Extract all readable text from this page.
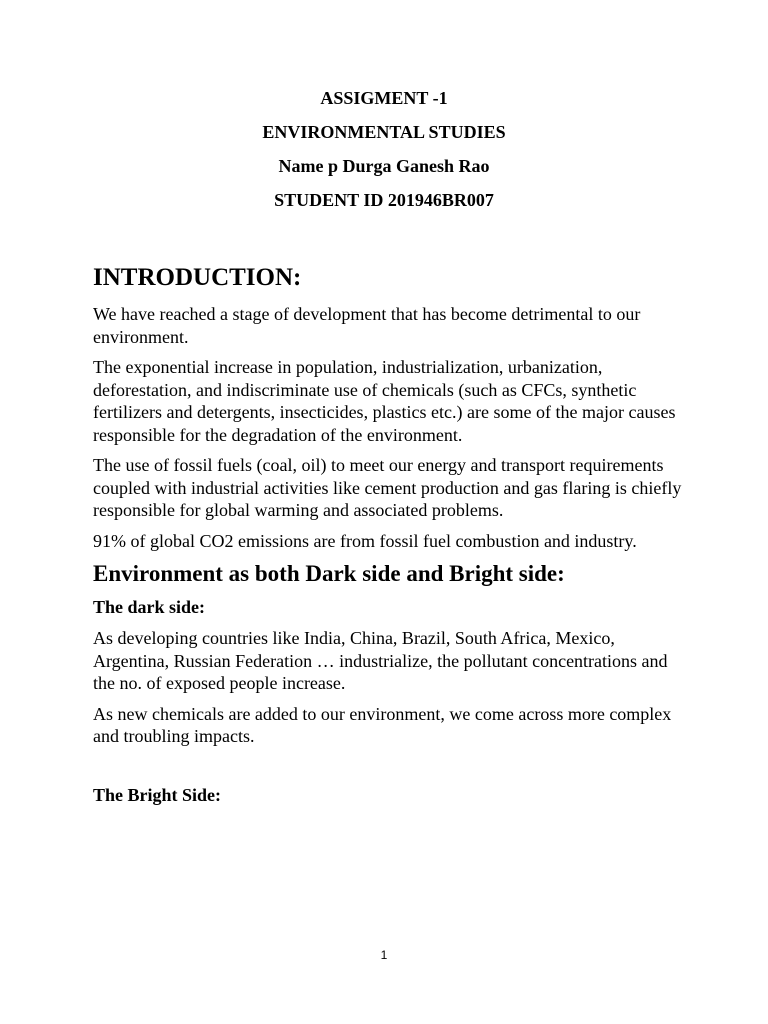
ASSIGMENT -1
ENVIRONMENTAL STUDIES
Name p Durga Ganesh Rao
STUDENT ID 201946BR007
INTRODUCTION:

We have reached a stage of development that has become detrimental to our environment.

The exponential increase in population, industrialization, urbanization, deforestation, and indiscriminate use of chemicals (such as CFCs, synthetic fertilizers and detergents, insecticides, plastics etc.) are some of the major causes responsible for the degradation of the environment.

The use of fossil fuels (coal, oil) to meet our energy and transport requirements coupled with industrial activities like cement production and gas flaring is chiefly responsible for global warming and associated problems.

91% of global CO2 emissions are from fossil fuel combustion and industry.

Environment as both Dark side and Bright side:
The dark side:

As developing countries like India, China, Brazil, South Africa, Mexico, Argentina, Russian Federation … industrialize, the pollutant concentrations and the no. of exposed people increase.

As new chemicals are added to our environment, we come across more complex and troubling impacts.

The Bright Side:
1
